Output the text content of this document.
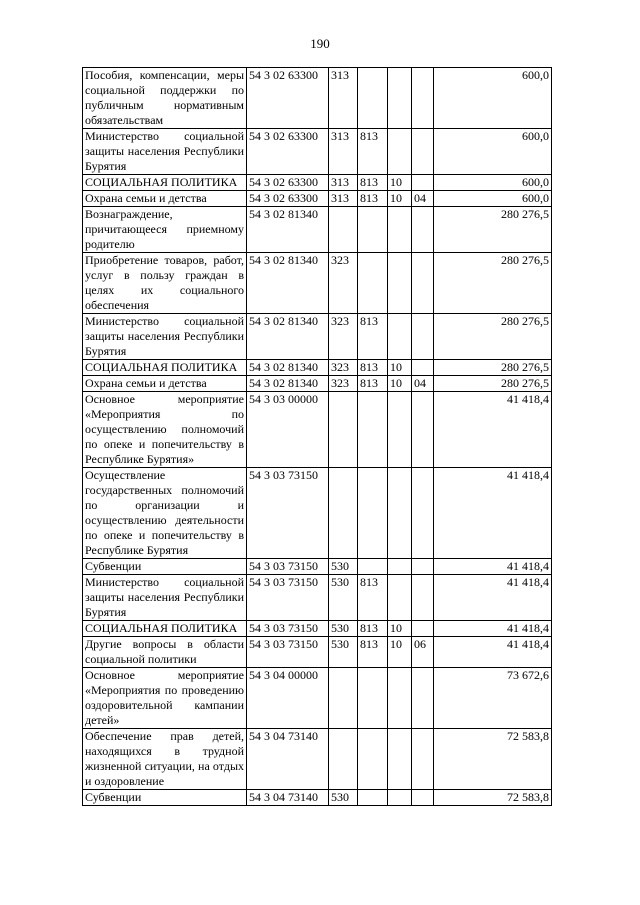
190
Пособия, компенсации, меры социальной поддержки по публичным нормативным обязательствам	54 3 02 63300	313				600,0
Министерство социальной защиты населения Республики Бурятия	54 3 02 63300	313	813			600,0
СОЦИАЛЬНАЯ ПОЛИТИКА	54 3 02 63300	313	813	10		600,0
Охрана семьи и детства	54 3 02 63300	313	813	10	04	600,0
Вознаграждение, причитающееся приемному родителю	54 3 02 81340					280 276,5
Приобретение товаров, работ, услуг в пользу граждан в целях их социального обеспечения	54 3 02 81340	323				280 276,5
Министерство социальной защиты населения Республики Бурятия	54 3 02 81340	323	813			280 276,5
СОЦИАЛЬНАЯ ПОЛИТИКА	54 3 02 81340	323	813	10		280 276,5
Охрана семьи и детства	54 3 02 81340	323	813	10	04	280 276,5
Основное мероприятие «Мероприятия по осуществлению полномочий по опеке и попечительству в Республике Бурятия»	54 3 03 00000					41 418,4
Осуществление государственных полномочий по организации и осуществлению деятельности по опеке и попечительству в Республике Бурятия	54 3 03 73150					41 418,4
Субвенции	54 3 03 73150	530				41 418,4
Министерство социальной защиты населения Республики Бурятия	54 3 03 73150	530	813			41 418,4
СОЦИАЛЬНАЯ ПОЛИТИКА	54 3 03 73150	530	813	10		41 418,4
Другие вопросы в области социальной политики	54 3 03 73150	530	813	10	06	41 418,4
Основное мероприятие «Мероприятия по проведению оздоровительной кампании детей»	54 3 04 00000					73 672,6
Обеспечение прав детей, находящихся в трудной жизненной ситуации, на отдых и оздоровление	54 3 04 73140					72 583,8
Субвенции	54 3 04 73140	530				72 583,8
